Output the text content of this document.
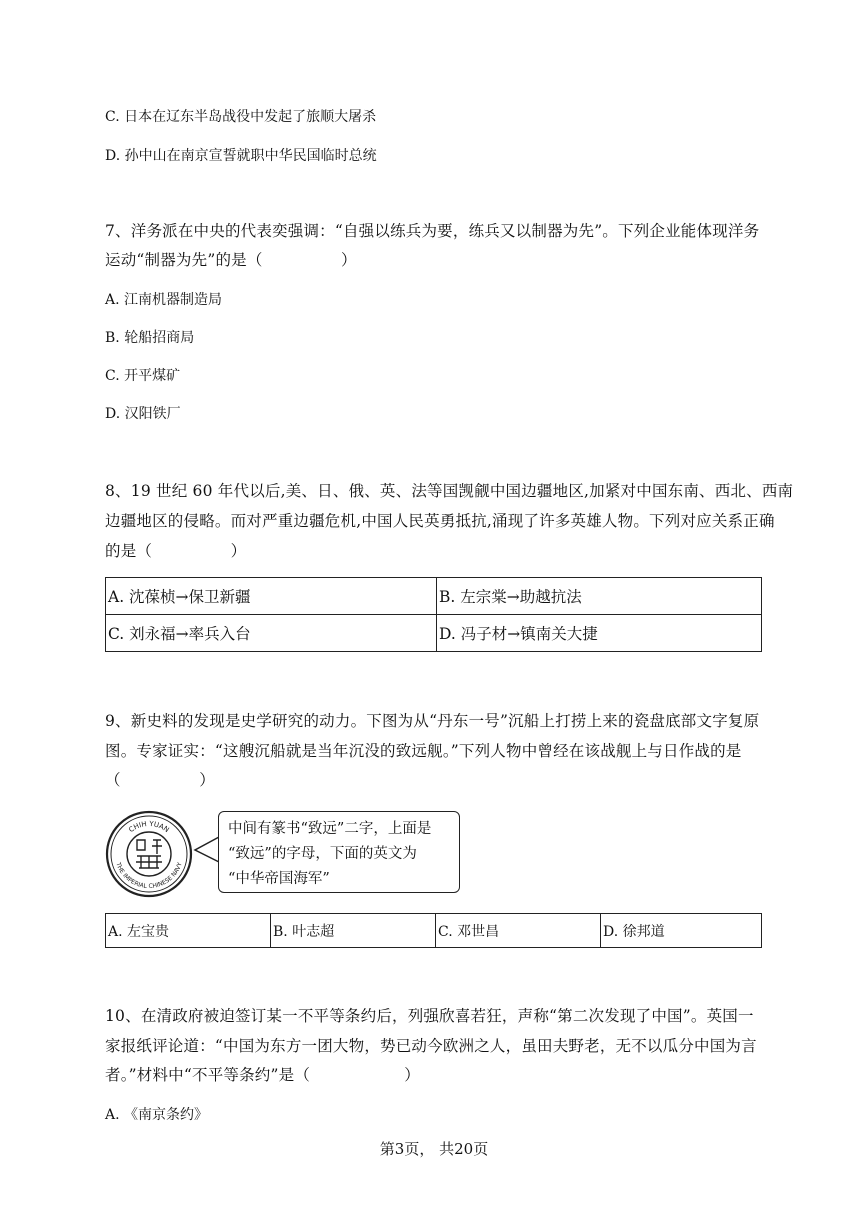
C. 日本在辽东半岛战役中发起了旅顺大屠杀
D. 孙中山在南京宣誓就职中华民国临时总统
7、洋务派在中央的代表奕强调：“自强以练兵为要，练兵又以制器为先”。下列企业能体现洋务
运动“制器为先”的是（　　　　　）
A. 江南机器制造局
B. 轮船招商局
C. 开平煤矿
D. 汉阳铁厂
8、19 世纪 60 年代以后,美、日、俄、英、法等国觊觎中国边疆地区,加紧对中国东南、西北、西南
边疆地区的侵略。而对严重边疆危机,中国人民英勇抵抗,涌现了许多英雄人物。下列对应关系正确
的是（　　　　　）
A. 沈葆桢→保卫新疆	B. 左宗棠→助越抗法
C. 刘永福→率兵入台	D. 冯子材→镇南关大捷
9、新史料的发现是史学研究的动力。下图为从“丹东一号”沉船上打捞上来的瓷盘底部文字复原
图。专家证实：“这艘沉船就是当年沉没的致远舰。”下列人物中曾经在该战舰上与日作战的是
（　　　　　）
CHIH YUAN
THE IMPERIAL CHINESE NAVY
中间有篆书“致远”二字，上面是
“致远”的字母，下面的英文为
“中华帝国海军”
A. 左宝贵	B. 叶志超	C. 邓世昌	D. 徐邦道
10、在清政府被迫签订某一不平等条约后，列强欣喜若狂，声称“第二次发现了中国”。英国一
家报纸评论道：“中国为东方一团大物，势已动今欧洲之人，虽田夫野老，无不以瓜分中国为言
者。”材料中“不平等条约”是（　　　　　　）
A. 《南京条约》
第3页， 共20页
